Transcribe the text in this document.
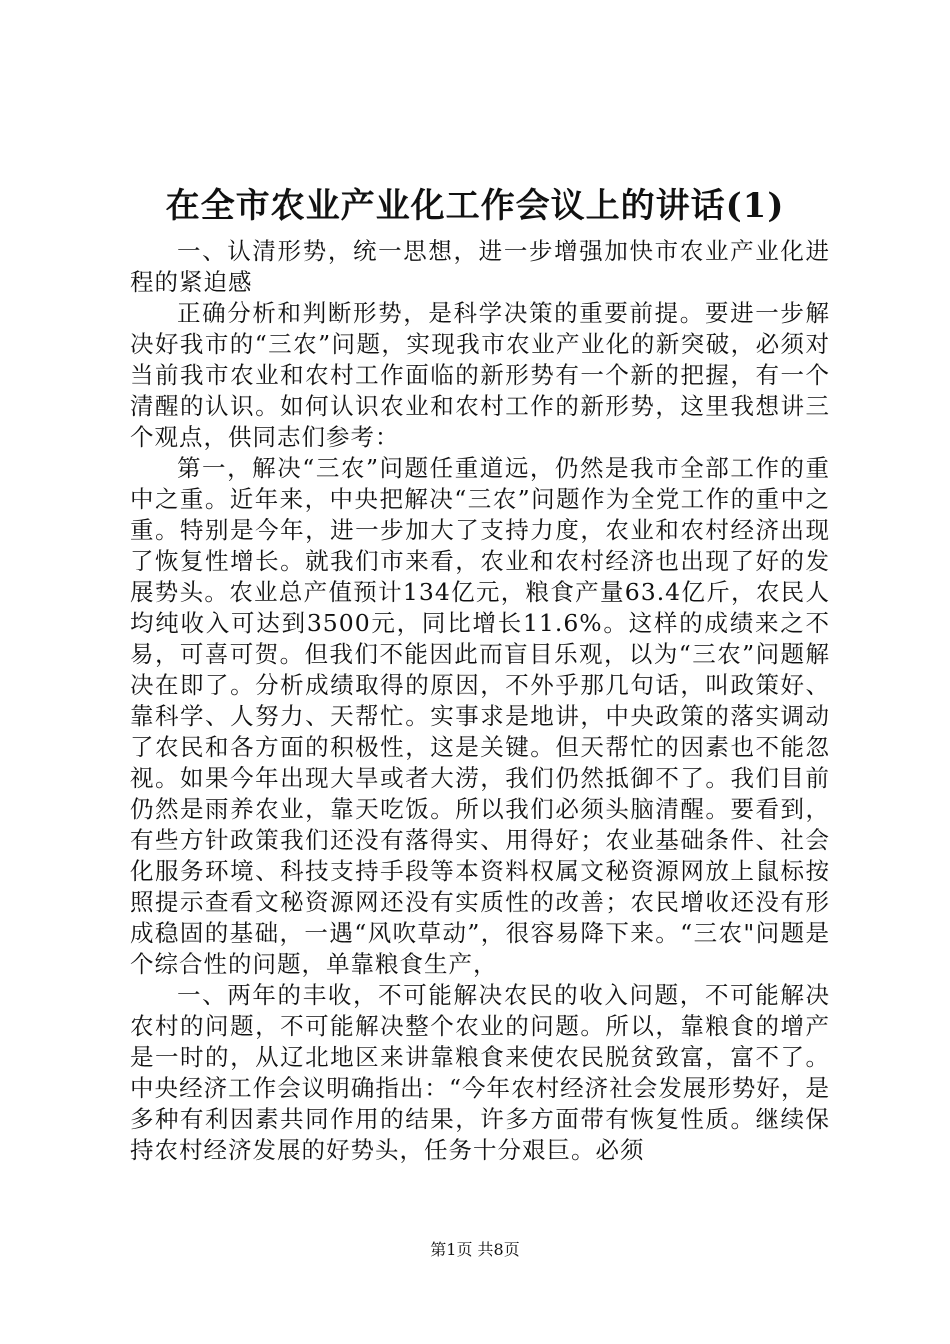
在全市农业产业化工作会议上的讲话(1)

一、认清形势，统一思想，进一步增强加快市农业产业化进程的紧迫感

正确分析和判断形势，是科学决策的重要前提。要进一步解决好我市的“三农”问题，实现我市农业产业化的新突破，必须对当前我市农业和农村工作面临的新形势有一个新的把握，有一个清醒的认识。如何认识农业和农村工作的新形势，这里我想讲三个观点，供同志们参考：

第一，解决“三农”问题任重道远，仍然是我市全部工作的重中之重。近年来，中央把解决“三农”问题作为全党工作的重中之重。特别是今年，进一步加大了支持力度，农业和农村经济出现了恢复性增长。就我们市来看，农业和农村经济也出现了好的发展势头。农业总产值预计134亿元，粮食产量63.4亿斤，农民人均纯收入可达到3500元，同比增长11.6%。这样的成绩来之不易，可喜可贺。但我们不能因此而盲目乐观，以为“三农”问题解决在即了。分析成绩取得的原因，不外乎那几句话，叫政策好、靠科学、人努力、天帮忙。实事求是地讲，中央政策的落实调动了农民和各方面的积极性，这是关键。但天帮忙的因素也不能忽视。如果今年出现大旱或者大涝，我们仍然抵御不了。我们目前仍然是雨养农业，靠天吃饭。所以我们必须头脑清醒。要看到，有些方针政策我们还没有落得实、用得好；农业基础条件、社会化服务环境、科技支持手段等本资料权属文秘资源网放上鼠标按照提示查看文秘资源网还没有实质性的改善；农民增收还没有形成稳固的基础，一遇“风吹草动”，很容易降下来。“三农"问题是个综合性的问题，单靠粮食生产，

一、两年的丰收，不可能解决农民的收入问题，不可能解决农村的问题，不可能解决整个农业的问题。所以，靠粮食的增产是一时的，从辽北地区来讲靠粮食来使农民脱贫致富，富不了。中央经济工作会议明确指出：“今年农村经济社会发展形势好，是多种有利因素共同作用的结果，许多方面带有恢复性质。继续保持农村经济发展的好势头，任务十分艰巨。必须

第1页 共8页
